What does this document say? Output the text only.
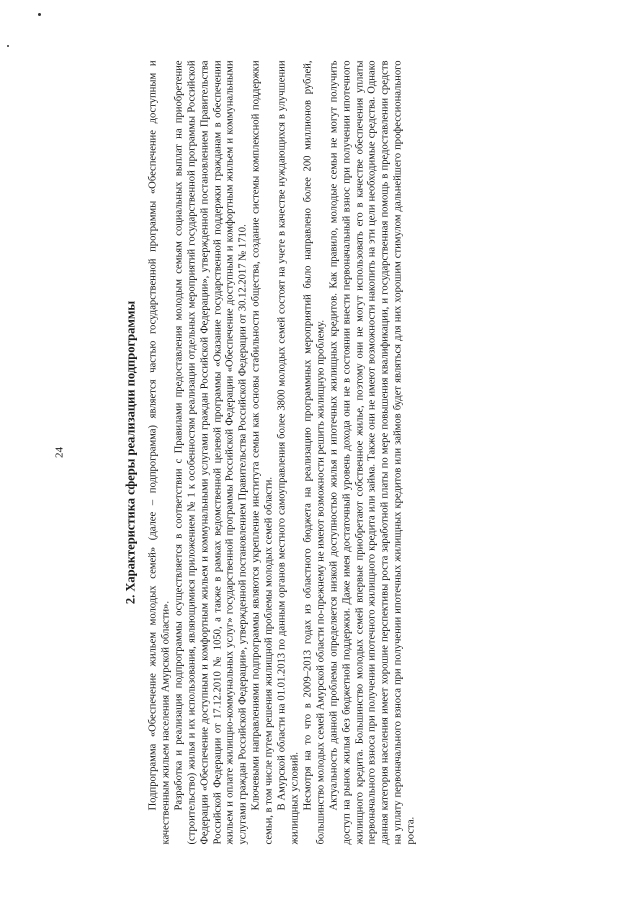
24	2. Характеристика сферы реализации подпрограммы Подпрограмма «Обеспечение жильем молодых семей» (далее – подпрограмма) является частью государственной программы «Обеспечение доступным и качественным жильем населения Амурской области». Разработка и реализация подпрограммы осуществляется в соответствии с Правилами предоставления молодым семьям социальных выплат на приобретение (строительство) жилья и их использования, являющимися приложением № 1 к особенностям реализации отдельных мероприятий государственной программы Российской Федерации «Обеспечение доступным и комфортным жильем и коммунальными услугами граждан Российской Федерации», утвержденной постановлением Правительства Российской Федерации от 17.12.2010 № 1050, а также в рамках ведомственной целевой программы «Оказание государственной поддержки гражданам в обеспечении жильем и оплате жилищно-коммунальных услуг» государственной программы Российской Федерации «Обеспечение доступным и комфортным жильем и коммунальными услугами граждан Российской Федерации», утвержденной постановлением Правительства Российской Федерации от 30.12.2017 № 1710. Ключевыми направлениями подпрограммы являются укрепление института семьи как основы стабильности общества, создание системы комплексной поддержки семьи, в том числе путем решения жилищной проблемы молодых семей области. В Амурской области на 01.01.2013 по данным органов местного самоуправления более 3800 молодых семей состоят на учете в качестве нуждающихся в улучшении жилищных условий. Несмотря на то что в 2009–2013 годах из областного бюджета на реализацию программных мероприятий было направлено более 200 миллионов рублей, большинство молодых семей Амурской области по-прежнему не имеют возможности решить жилищную проблему. Актуальность данной проблемы определяется низкой доступностью жилья и ипотечных жилищных кредитов. Как правило, молодые семьи не могут получить доступ на рынок жилья без бюджетной поддержки. Даже имея достаточный уровень дохода они не в состоянии внести первоначальный взнос при получении ипотечного жилищного кредита. Большинство молодых семей впервые приобретают собственное жилье, поэтому они не могут использовать его в качестве обеспечения уплаты первоначального взноса при получении ипотечного жилищного кредита или займа. Также они не имеют возможности накопить на эти цели необходимые средства. Однако данная категория населения имеет хорошие перспективы роста заработной платы по мере повышения квалификации, и государственная помощь в предоставлении средств на уплату первоначального взноса при получении ипотечных жилищных кредитов или займов будет являться для них хорошим стимулом дальнейшего профессионального роста.
